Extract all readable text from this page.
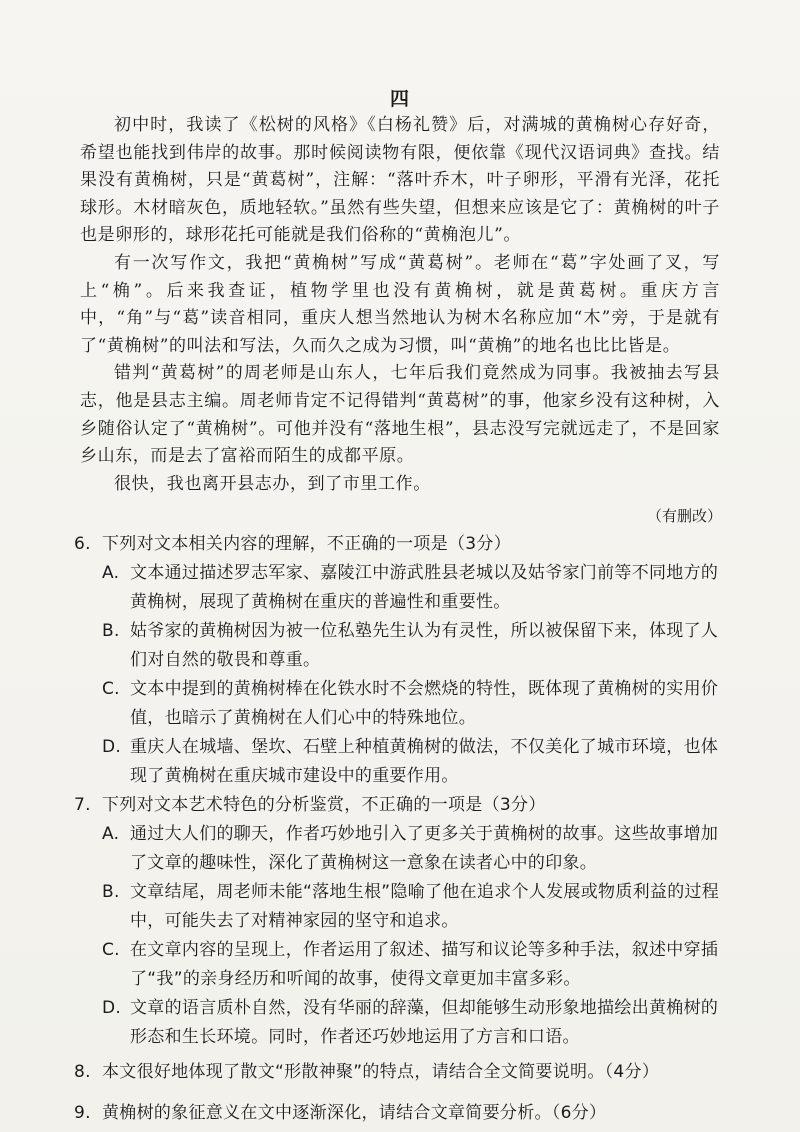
四

初中时，我读了《松树的风格》《白杨礼赞》后，对满城的黄桷树心存好奇，希望也能找到伟岸的故事。那时候阅读物有限，便依靠《现代汉语词典》查找。结果没有黄桷树，只是“黄葛树”，注解：“落叶乔木，叶子卵形，平滑有光泽，花托球形。木材暗灰色，质地轻软。”虽然有些失望，但想来应该是它了：黄桷树的叶子也是卵形的，球形花托可能就是我们俗称的“黄桷泡儿”。

有一次写作文，我把“黄桷树”写成“黄葛树”。老师在“葛”字处画了叉，写上“桷”。后来我查证，植物学里也没有黄桷树，就是黄葛树。重庆方言中，“角”与“葛”读音相同，重庆人想当然地认为树木名称应加“木”旁，于是就有了“黄桷树”的叫法和写法，久而久之成为习惯，叫“黄桷”的地名也比比皆是。

错判“黄葛树”的周老师是山东人，七年后我们竟然成为同事。我被抽去写县志，他是县志主编。周老师肯定不记得错判“黄葛树”的事，他家乡没有这种树，入乡随俗认定了“黄桷树”。可他并没有“落地生根”，县志没写完就远走了，不是回家乡山东，而是去了富裕而陌生的成都平原。

很快，我也离开县志办，到了市里工作。

（有删改）

6. 下列对文本相关内容的理解，不正确的一项是（3分）

A. 文本通过描述罗志军家、嘉陵江中游武胜县老城以及姑爷家门前等不同地方的黄桷树，展现了黄桷树在重庆的普遍性和重要性。

B. 姑爷家的黄桷树因为被一位私塾先生认为有灵性，所以被保留下来，体现了人们对自然的敬畏和尊重。

C. 文本中提到的黄桷树棒在化铁水时不会燃烧的特性，既体现了黄桷树的实用价值，也暗示了黄桷树在人们心中的特殊地位。

D. 重庆人在城墙、堡坎、石壁上种植黄桷树的做法，不仅美化了城市环境，也体现了黄桷树在重庆城市建设中的重要作用。

7. 下列对文本艺术特色的分析鉴赏，不正确的一项是（3分）

A. 通过大人们的聊天，作者巧妙地引入了更多关于黄桷树的故事。这些故事增加了文章的趣味性，深化了黄桷树这一意象在读者心中的印象。

B. 文章结尾，周老师未能“落地生根”隐喻了他在追求个人发展或物质利益的过程中，可能失去了对精神家园的坚守和追求。

C. 在文章内容的呈现上，作者运用了叙述、描写和议论等多种手法，叙述中穿插了“我”的亲身经历和听闻的故事，使得文章更加丰富多彩。

D. 文章的语言质朴自然，没有华丽的辞藻，但却能够生动形象地描绘出黄桷树的形态和生长环境。同时，作者还巧妙地运用了方言和口语。

8. 本文很好地体现了散文“形散神聚”的特点，请结合全文简要说明。（4分）

9. 黄桷树的象征意义在文中逐渐深化，请结合文章简要分析。（6分）
